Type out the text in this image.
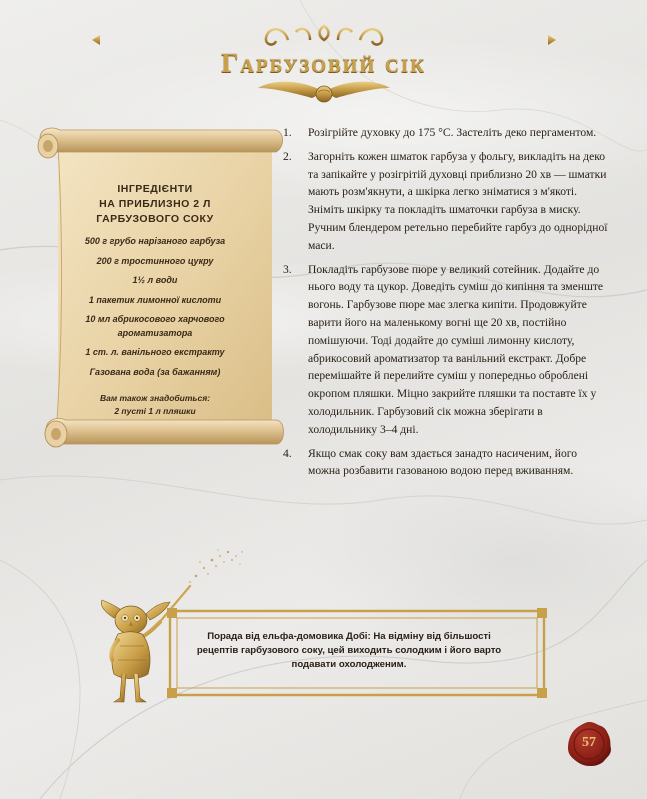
Гарбузовий сік
ІНГРЕДІЄНТИ
НА ПРИБЛИЗНО 2 Л
ГАРБУЗОВОГО СОКУ
500 г грубо нарізаного гарбуза
200 г тростинного цукру
1½ л води
1 пакетик лимонної кислоти
10 мл абрикосового харчового
ароматизатора
1 ст. л. ванільного екстракту
Газована вода (за бажанням)
Вам також знадобиться:
2 пусті 1 л пляшки
1.	Розігрійте духовку до 175 °С. Застеліть деко пергаментом.
2.	Загорніть кожен шматок гарбуза у фольгу, викладіть на деко та запікайте у розігрітій духовці приблизно 20 хв — шматки мають розм'якнути, а шкірка легко зніматися з м'якоті. Зніміть шкірку та покладіть шматочки гарбуза в миску. Ручним блендером ретельно перебийте гарбуз до однорідної маси.
3.	Покладіть гарбузове пюре у великий сотейник. Додайте до нього воду та цукор. Доведіть суміш до кипіння та зменште вогонь. Гарбузове пюре має злегка кипіти. Продовжуйте варити його на маленькому вогні ще 20 хв, постійно помішуючи. Тоді додайте до суміші лимонну кислоту, абрикосовий ароматизатор та ванільний екстракт. Добре перемішайте й перелийте суміш у попередньо оброблені окропом пляшки. Міцно закрийте пляшки та поставте їх у холодильник. Гарбузовий сік можна зберігати в холодильнику 3–4 дні.
4.	Якщо смак соку вам здається занадто насиченим, його можна розбавити газованою водою перед вживанням.
Порада від ельфа-домовика Добі: На відміну від більшості рецептів гарбузового соку, цей виходить солодким і його варто подавати охолодженим.
57
